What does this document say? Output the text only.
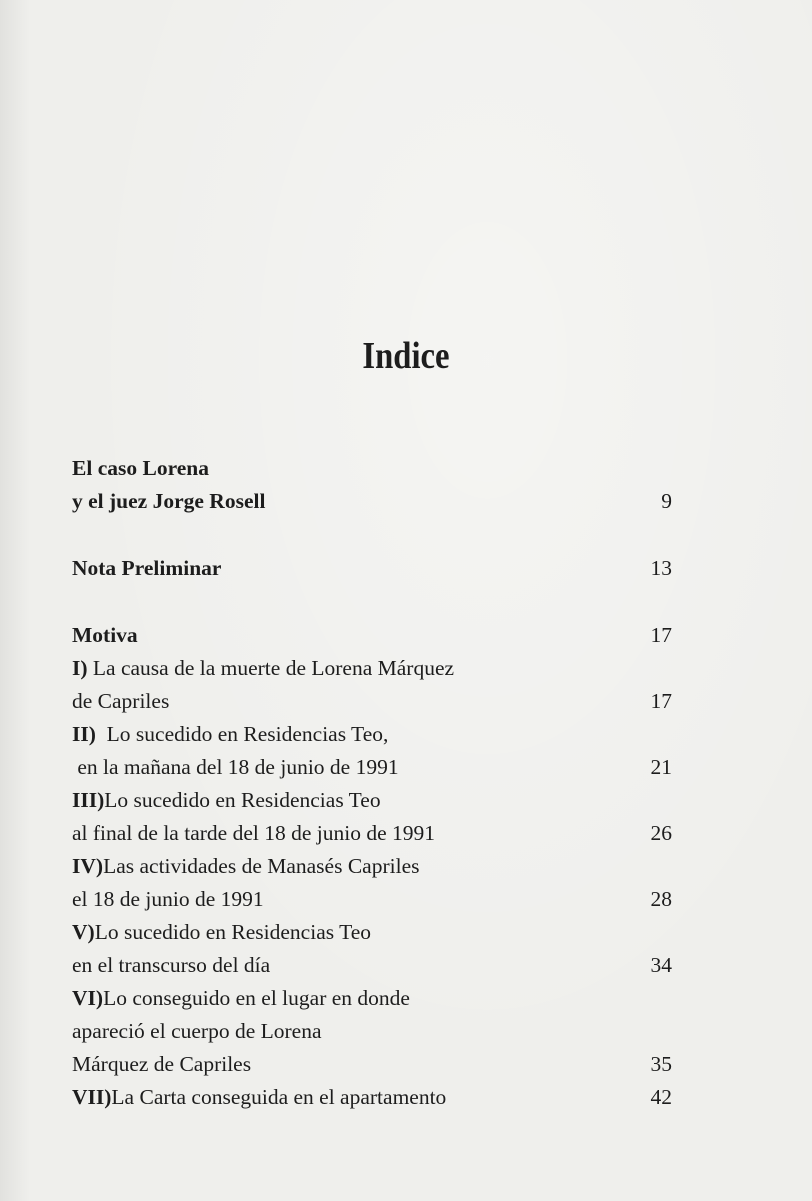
Indice
El caso Lorena
y el juez Jorge Rosell	9
Nota Preliminar	13
Motiva	17
I) La causa de la muerte de Lorena Márquez
de Capriles	17
II) Lo sucedido en Residencias Teo,
en la mañana del 18 de junio de 1991	21
III)Lo sucedido en Residencias Teo
al final de la tarde del 18 de junio de 1991	26
IV)Las actividades de Manasés Capriles
el 18 de junio de 1991	28
V)Lo sucedido en Residencias Teo
en el transcurso del día	34
VI)Lo conseguido en el lugar en donde
apareció el cuerpo de Lorena
Márquez de Capriles	35
VII)La Carta conseguida en el apartamento	42
